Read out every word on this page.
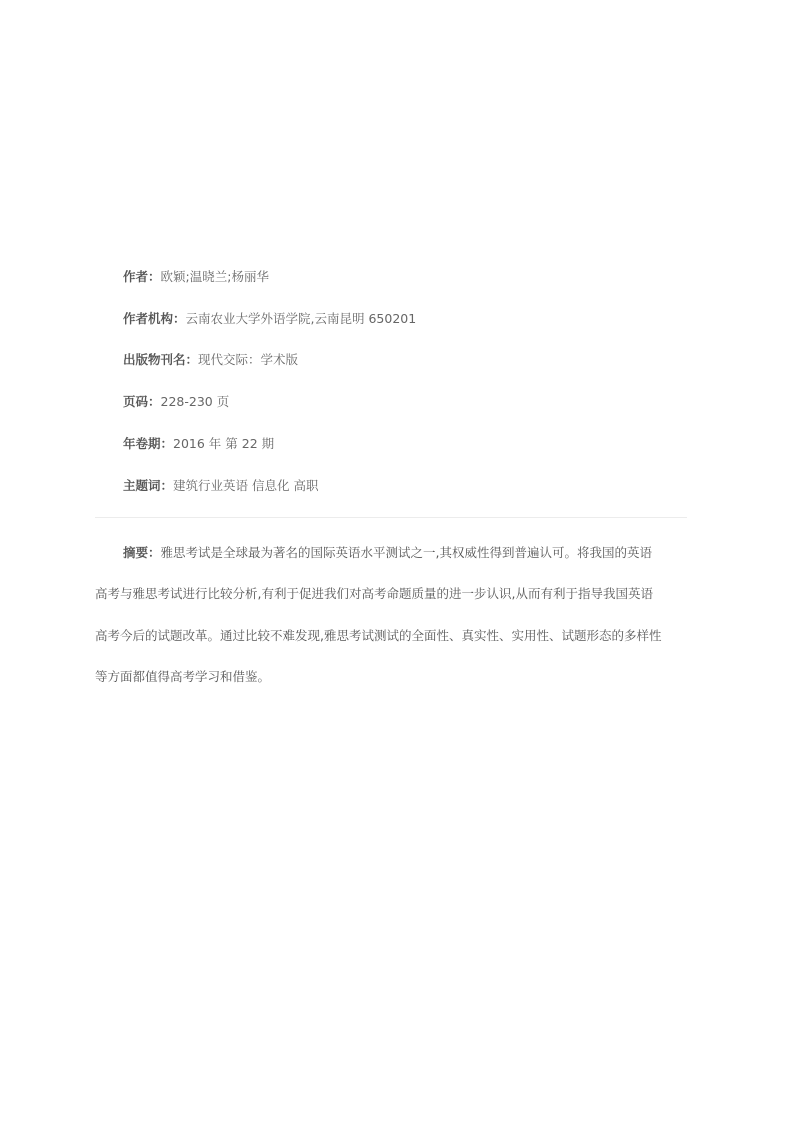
作者：欧颖;温晓兰;杨丽华
作者机构：云南农业大学外语学院,云南昆明 650201
出版物刊名：现代交际：学术版
页码：228-230 页
年卷期：2016 年 第 22 期
主题词：建筑行业英语 信息化 高职
摘要：雅思考试是全球最为著名的国际英语水平测试之一,其权威性得到普遍认可。将我国的英语
高考与雅思考试进行比较分析,有利于促进我们对高考命题质量的进一步认识,从而有利于指导我国英语
高考今后的试题改革。通过比较不难发现,雅思考试测试的全面性、真实性、实用性、试题形态的多样性
等方面都值得高考学习和借鉴。
